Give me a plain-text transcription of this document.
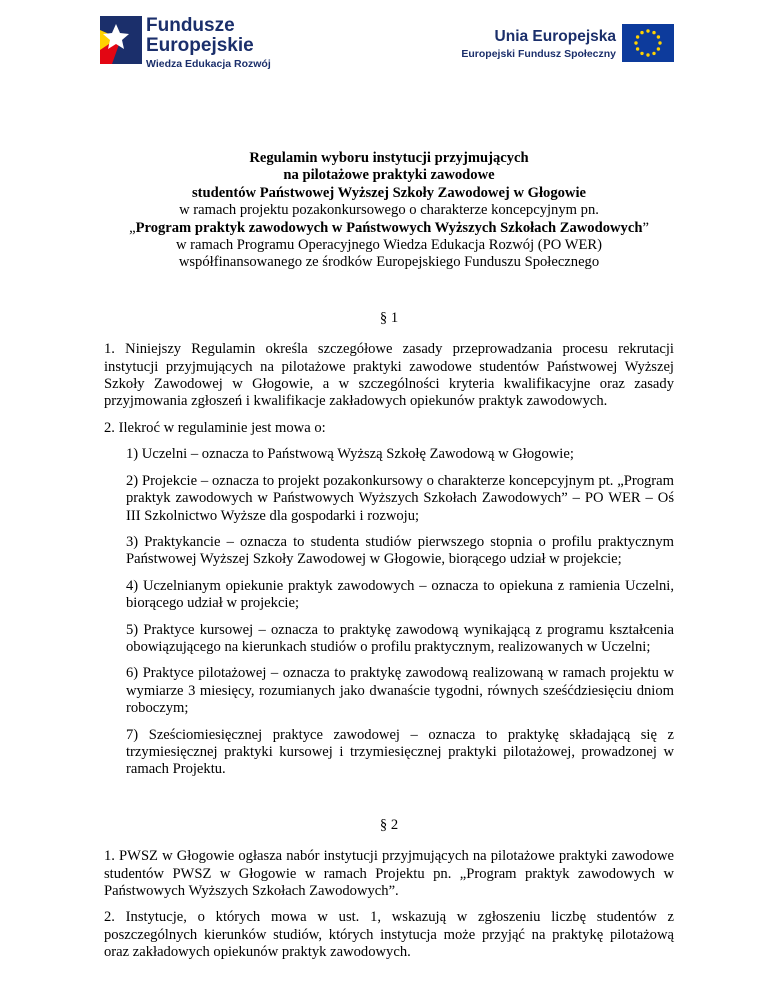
Fundusze
Europejskie
Wiedza Edukacja Rozwój
Unia Europejska
Europejski Fundusz Społeczny

Regulamin wyboru instytucji przyjmujących

na pilotażowe praktyki zawodowe

studentów Państwowej Wyższej Szkoły Zawodowej w Głogowie

w ramach projektu pozakonkursowego o charakterze koncepcyjnym pn.

„Program praktyk zawodowych w Państwowych Wyższych Szkołach Zawodowych”

w ramach Programu Operacyjnego Wiedza Edukacja Rozwój (PO WER)

współfinansowanego ze środków Europejskiego Funduszu Społecznego

§ 1

1. Niniejszy Regulamin określa szczegółowe zasady przeprowadzania procesu rekrutacji instytucji przyjmujących na pilotażowe praktyki zawodowe studentów Państwowej Wyższej Szkoły Zawodowej w Głogowie, a w szczególności kryteria kwalifikacyjne oraz zasady przyjmowania zgłoszeń i kwalifikacje zakładowych opiekunów praktyk zawodowych.

2. Ilekroć w regulaminie jest mowa o:

1) Uczelni – oznacza to Państwową Wyższą Szkołę Zawodową w Głogowie;

2) Projekcie – oznacza to projekt pozakonkursowy o charakterze koncepcyjnym pt. „Program praktyk zawodowych w Państwowych Wyższych Szkołach Zawodowych” – PO WER – Oś III Szkolnictwo Wyższe dla gospodarki i rozwoju;

3) Praktykancie – oznacza to studenta studiów pierwszego stopnia o profilu praktycznym Państwowej Wyższej Szkoły Zawodowej w Głogowie, biorącego udział w projekcie;

4) Uczelnianym opiekunie praktyk zawodowych – oznacza to opiekuna z ramienia Uczelni, biorącego udział w projekcie;

5) Praktyce kursowej – oznacza to praktykę zawodową wynikającą z programu kształcenia obowiązującego na kierunkach studiów o profilu praktycznym, realizowanych w Uczelni;

6) Praktyce pilotażowej – oznacza to praktykę zawodową realizowaną w ramach projektu w wymiarze 3 miesięcy, rozumianych jako dwanaście tygodni, równych sześćdziesięciu dniom roboczym;

7) Sześciomiesięcznej praktyce zawodowej – oznacza to praktykę składającą się z trzymiesięcznej praktyki kursowej i trzymiesięcznej praktyki pilotażowej, prowadzonej w ramach Projektu.

§ 2

1. PWSZ w Głogowie ogłasza nabór instytucji przyjmujących na pilotażowe praktyki zawodowe studentów PWSZ w Głogowie w ramach Projektu pn. „Program praktyk zawodowych w Państwowych Wyższych Szkołach Zawodowych”.

2. Instytucje, o których mowa w ust. 1, wskazują w zgłoszeniu liczbę studentów z poszczególnych kierunków studiów, których instytucja może przyjąć na praktykę pilotażową oraz zakładowych opiekunów praktyk zawodowych.
